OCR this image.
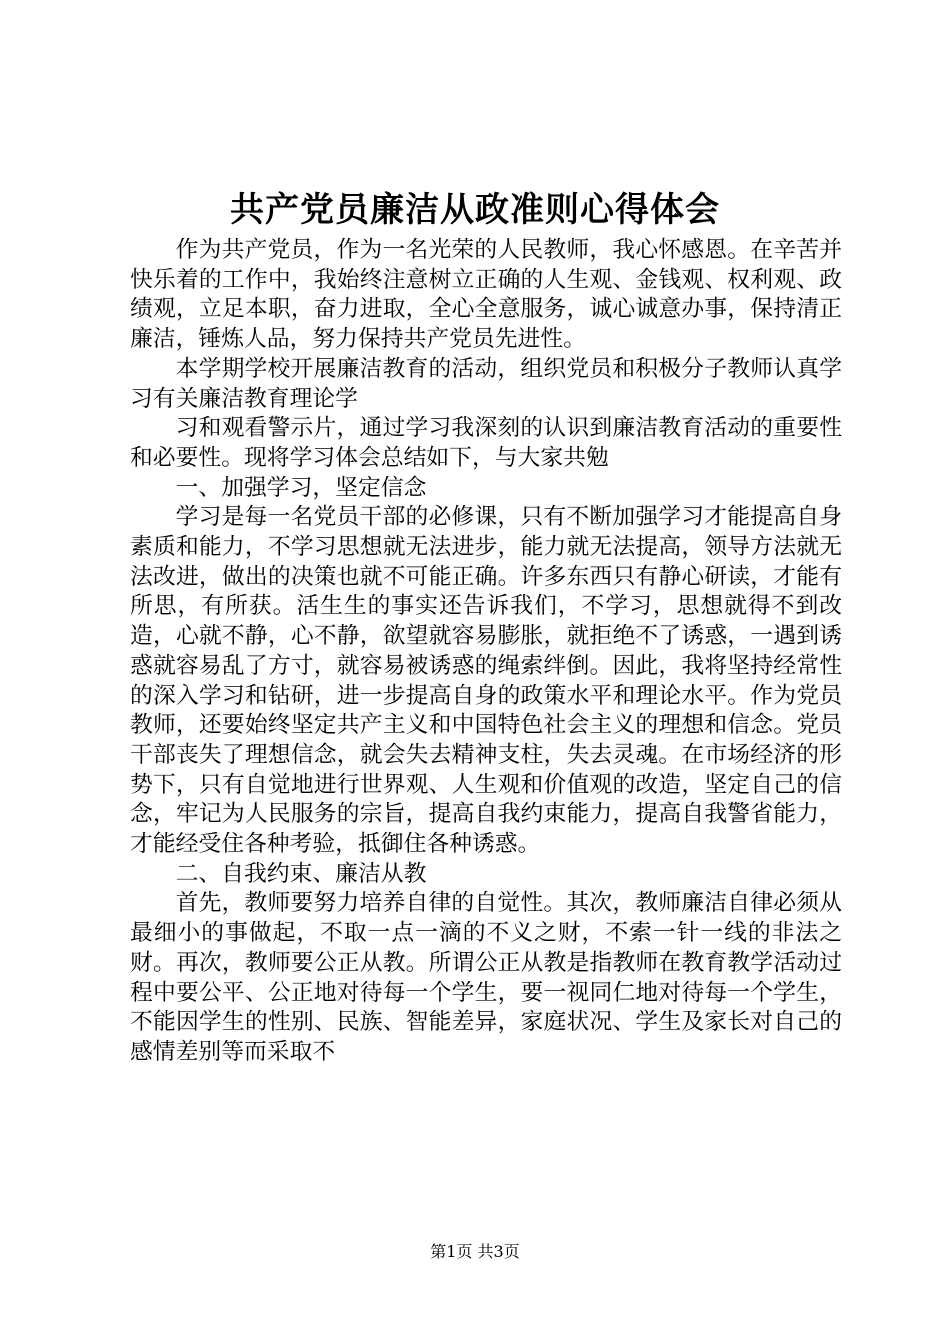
共产党员廉洁从政准则心得体会

作为共产党员，作为一名光荣的人民教师，我心怀感恩。在辛苦并快乐着的工作中，我始终注意树立正确的人生观、金钱观、权利观、政绩观，立足本职，奋力进取，全心全意服务，诚心诚意办事，保持清正廉洁，锤炼人品，努力保持共产党员先进性。

本学期学校开展廉洁教育的活动，组织党员和积极分子教师认真学习有关廉洁教育理论学

习和观看警示片，通过学习我深刻的认识到廉洁教育活动的重要性和必要性。现将学习体会总结如下，与大家共勉

一、加强学习，坚定信念

学习是每一名党员干部的必修课，只有不断加强学习才能提高自身素质和能力，不学习思想就无法进步，能力就无法提高，领导方法就无法改进，做出的决策也就不可能正确。许多东西只有静心研读，才能有所思，有所获。活生生的事实还告诉我们，不学习，思想就得不到改造，心就不静，心不静，欲望就容易膨胀，就拒绝不了诱惑，一遇到诱惑就容易乱了方寸，就容易被诱惑的绳索绊倒。因此，我将坚持经常性的深入学习和钻研，进一步提高自身的政策水平和理论水平。作为党员教师，还要始终坚定共产主义和中国特色社会主义的理想和信念。党员干部丧失了理想信念，就会失去精神支柱，失去灵魂。在市场经济的形势下，只有自觉地进行世界观、人生观和价值观的改造，坚定自己的信念，牢记为人民服务的宗旨，提高自我约束能力，提高自我警省能力，才能经受住各种考验，抵御住各种诱惑。

二、自我约束、廉洁从教

首先，教师要努力培养自律的自觉性。其次，教师廉洁自律必须从最细小的事做起，不取一点一滴的不义之财，不索一针一线的非法之财。再次，教师要公正从教。所谓公正从教是指教师在教育教学活动过程中要公平、公正地对待每一个学生，要一视同仁地对待每一个学生，不能因学生的性别、民族、智能差异，家庭状况、学生及家长对自己的感情差别等而采取不

第1页 共3页
